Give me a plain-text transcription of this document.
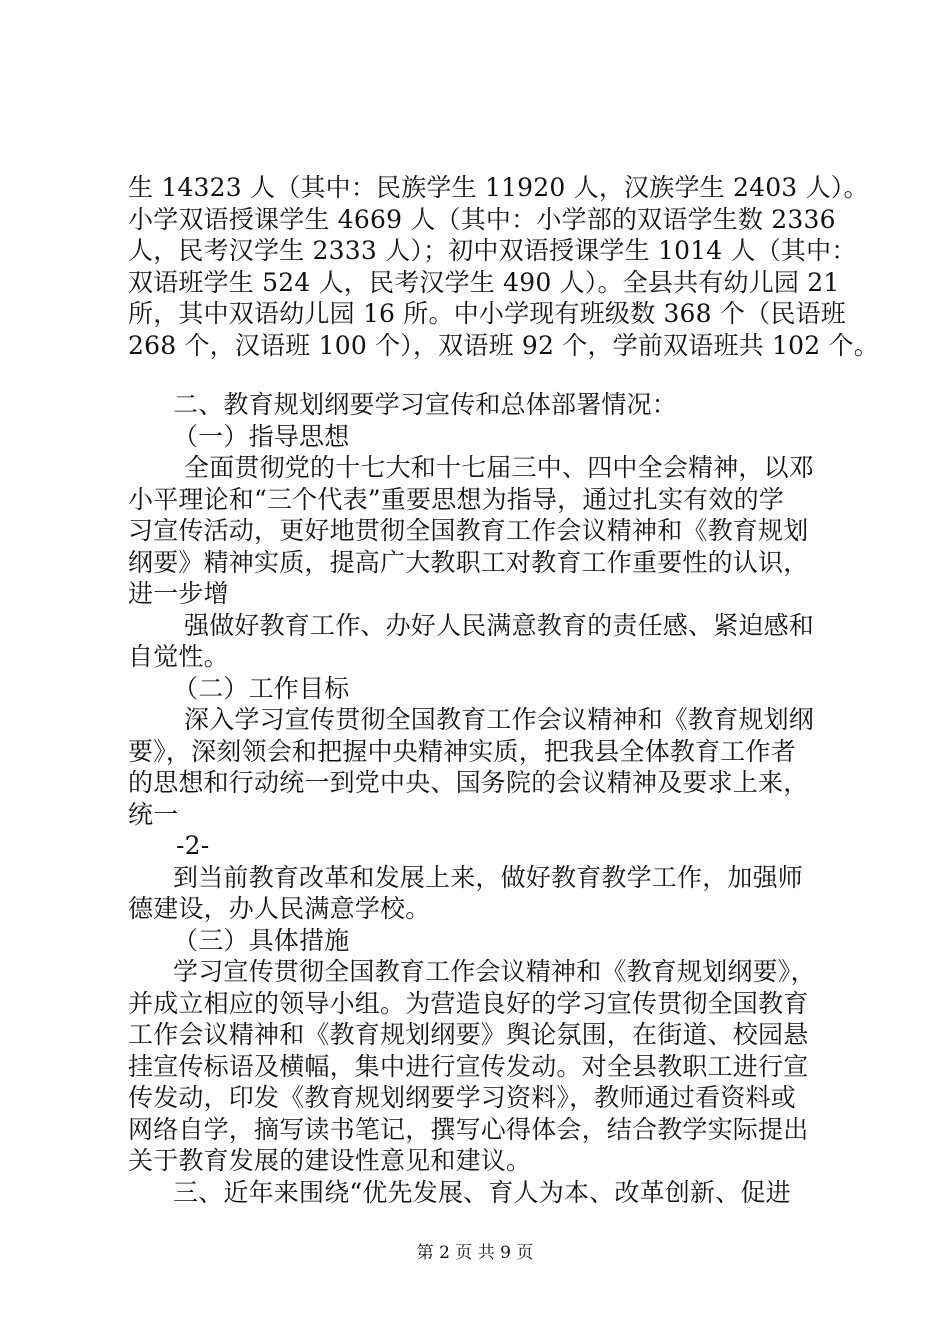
生 14323 人（其中：民族学生 11920 人，汉族学生 2403 人）。
小学双语授课学生 4669 人（其中：小学部的双语学生数 2336
人，民考汉学生 2333 人）；初中双语授课学生 1014 人（其中：
双语班学生 524 人，民考汉学生 490 人）。全县共有幼儿园 21
所，其中双语幼儿园 16 所。中小学现有班级数 368 个（民语班
268 个，汉语班 100 个），双语班 92 个，学前双语班共 102 个。
二、教育规划纲要学习宣传和总体部署情况：
（一）指导思想
全面贯彻党的十七大和十七届三中、四中全会精神，以邓
小平理论和“三个代表”重要思想为指导，通过扎实有效的学
习宣传活动，更好地贯彻全国教育工作会议精神和《教育规划
纲要》精神实质，提高广大教职工对教育工作重要性的认识，
进一步增
强做好教育工作、办好人民满意教育的责任感、紧迫感和
自觉性。
（二）工作目标
深入学习宣传贯彻全国教育工作会议精神和《教育规划纲
要》，深刻领会和把握中央精神实质，把我县全体教育工作者
的思想和行动统一到党中央、国务院的会议精神及要求上来，
统一
-2-
到当前教育改革和发展上来，做好教育教学工作，加强师
德建设，办人民满意学校。
（三）具体措施
学习宣传贯彻全国教育工作会议精神和《教育规划纲要》，
并成立相应的领导小组。为营造良好的学习宣传贯彻全国教育
工作会议精神和《教育规划纲要》舆论氛围，在街道、校园悬
挂宣传标语及横幅，集中进行宣传发动。对全县教职工进行宣
传发动，印发《教育规划纲要学习资料》，教师通过看资料或
网络自学，摘写读书笔记，撰写心得体会，结合教学实际提出
关于教育发展的建设性意见和建议。
三、近年来围绕“优先发展、育人为本、改革创新、促进
第 2 页 共 9 页
